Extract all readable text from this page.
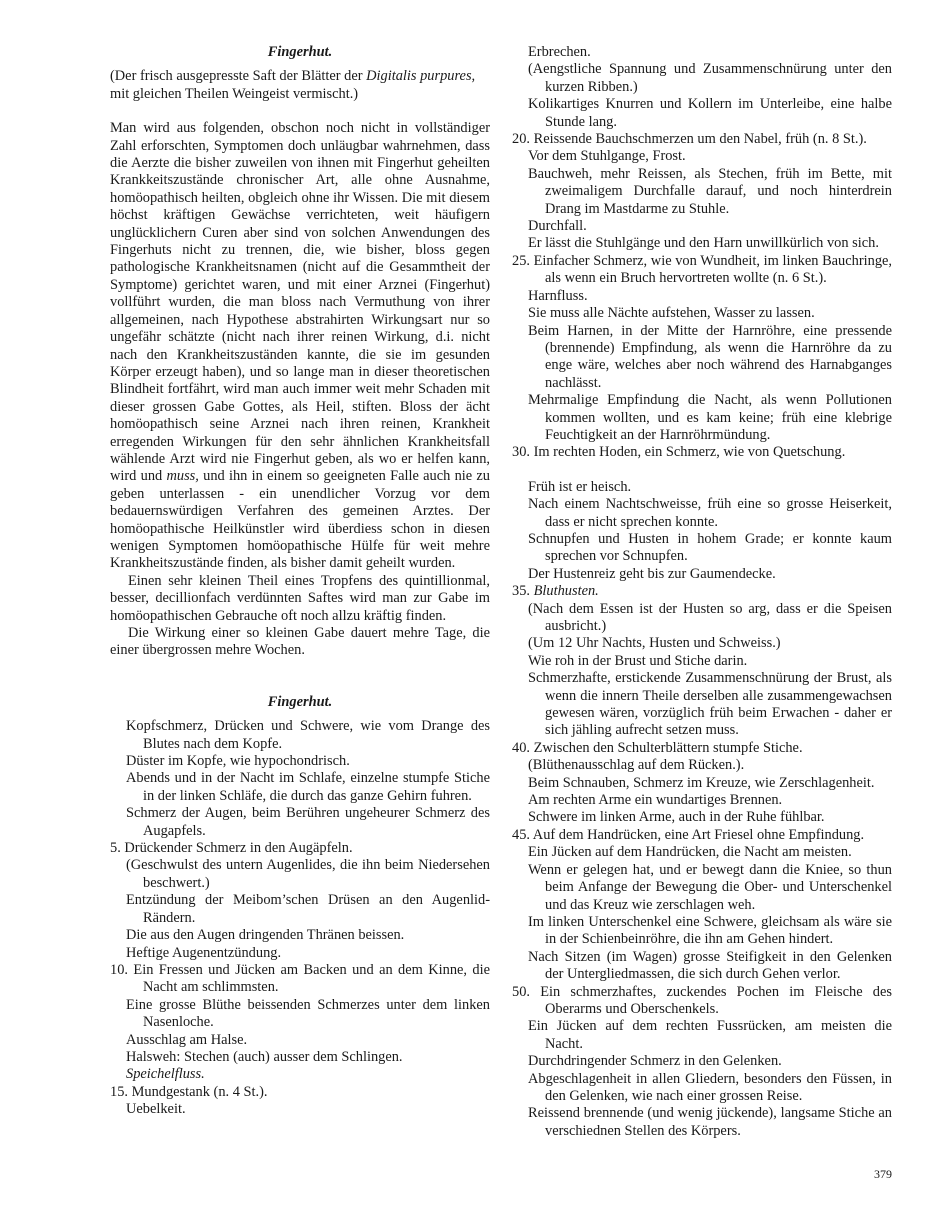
Fingerhut.

(Der frisch ausgepresste Saft der Blätter der Digitalis purpures, mit gleichen Theilen Weingeist vermischt.)

Man wird aus folgenden, obschon noch nicht in vollständiger Zahl erforschten, Symptomen doch unläugbar wahrnehmen, dass die Aerzte die bisher zuweilen von ihnen mit Fingerhut geheilten Krankkeitszustände chronischer Art, alle ohne Ausnahme, homöopathisch heilten, obgleich ohne ihr Wissen. Die mit diesem höchst kräftigen Gewächse verrichteten, weit häufigern unglücklichern Curen aber sind von solchen Anwendungen des Fingerhuts nicht zu trennen, die, wie bisher, bloss gegen pathologische Krankheitsnamen (nicht auf die Gesammtheit der Symptome) gerichtet waren, und mit einer Arznei (Fingerhut) vollführt wurden, die man bloss nach Vermuthung von ihrer allgemeinen, nach Hypothese abstrahirten Wirkungsart nur so ungefähr schätzte (nicht nach ihrer reinen Wirkung, d.i. nicht nach den Krankheitszuständen kannte, die sie im gesunden Körper erzeugt haben), und so lange man in dieser theoretischen Blindheit fortfährt, wird man auch immer weit mehr Schaden mit dieser grossen Gabe Gottes, als Heil, stiften. Bloss der ächt homöopathisch seine Arznei nach ihren reinen, Krankheit erregenden Wirkungen für den sehr ähnlichen Krankheitsfall wählende Arzt wird nie Fingerhut geben, als wo er helfen kann, wird und muss, und ihn in einem so geeigneten Falle auch nie zu geben unterlassen - ein unendlicher Vorzug vor dem bedauernswürdigen Verfahren des gemeinen Arztes. Der homöopathische Heilkünstler wird überdiess schon in diesen wenigen Symptomen homöopathische Hülfe für weit mehre Krankheitszustände finden, als bisher damit geheilt wurden.

Einen sehr kleinen Theil eines Tropfens des quintillionmal, besser, decillionfach verdünnten Saftes wird man zur Gabe im homöopathischen Gebrauche oft noch allzu kräftig finden.

Die Wirkung einer so kleinen Gabe dauert mehre Tage, die einer übergrossen mehre Wochen.

Fingerhut.

Kopfschmerz, Drücken und Schwere, wie vom Drange des Blutes nach dem Kopfe.

Düster im Kopfe, wie hypochondrisch.

Abends und in der Nacht im Schlafe, einzelne stumpfe Stiche in der linken Schläfe, die durch das ganze Gehirn fuhren.

Schmerz der Augen, beim Berühren ungeheurer Schmerz des Augapfels.

5. Drückender Schmerz in den Augäpfeln.

(Geschwulst des untern Augenlides, die ihn beim Niedersehen beschwert.)

Entzündung der Meibom’schen Drüsen an den Augenlid-Rändern.

Die aus den Augen dringenden Thränen beissen.

Heftige Augenentzündung.

10. Ein Fressen und Jücken am Backen und an dem Kinne, die Nacht am schlimmsten.

Eine grosse Blüthe beissenden Schmerzes unter dem linken Nasenloche.

Ausschlag am Halse.

Halsweh: Stechen (auch) ausser dem Schlingen.

Speichelfluss.

15. Mundgestank (n. 4 St.).

Uebelkeit.

Erbrechen.

(Aengstliche Spannung und Zusammenschnürung unter den kurzen Ribben.)

Kolikartiges Knurren und Kollern im Unterleibe, eine halbe Stunde lang.

20. Reissende Bauchschmerzen um den Nabel, früh (n. 8 St.).

Vor dem Stuhlgange, Frost.

Bauchweh, mehr Reissen, als Stechen, früh im Bette, mit zweimaligem Durchfalle darauf, und noch hinterdrein Drang im Mastdarme zu Stuhle.

Durchfall.

Er lässt die Stuhlgänge und den Harn unwillkürlich von sich.

25. Einfacher Schmerz, wie von Wundheit, im linken Bauchringe, als wenn ein Bruch hervortreten wollte (n. 6 St.).

Harnfluss.

Sie muss alle Nächte aufstehen, Wasser zu lassen.

Beim Harnen, in der Mitte der Harnröhre, eine pressende (brennende) Empfindung, als wenn die Harnröhre da zu enge wäre, welches aber noch während des Harnabganges nachlässt.

Mehrmalige Empfindung die Nacht, als wenn Pollutionen kommen wollten, und es kam keine; früh eine klebrige Feuchtigkeit an der Harnröhrmündung.

30. Im rechten Hoden, ein Schmerz, wie von Quetschung.

Früh ist er heisch.

Nach einem Nachtschweisse, früh eine so grosse Heiserkeit, dass er nicht sprechen konnte.

Schnupfen und Husten in hohem Grade; er konnte kaum sprechen vor Schnupfen.

Der Hustenreiz geht bis zur Gaumendecke.

35. Bluthusten.

(Nach dem Essen ist der Husten so arg, dass er die Speisen ausbricht.)

(Um 12 Uhr Nachts, Husten und Schweiss.)

Wie roh in der Brust und Stiche darin.

Schmerzhafte, erstickende Zusammenschnürung der Brust, als wenn die innern Theile derselben alle zusammengewachsen gewesen wären, vorzüglich früh beim Erwachen - daher er sich jähling aufrecht setzen muss.

40. Zwischen den Schulterblättern stumpfe Stiche.

(Blüthenausschlag auf dem Rücken.).

Beim Schnauben, Schmerz im Kreuze, wie Zerschlagenheit.

Am rechten Arme ein wundartiges Brennen.

Schwere im linken Arme, auch in der Ruhe fühlbar.

45. Auf dem Handrücken, eine Art Friesel ohne Empfindung.

Ein Jücken auf dem Handrücken, die Nacht am meisten.

Wenn er gelegen hat, und er bewegt dann die Kniee, so thun beim Anfange der Bewegung die Ober- und Unterschenkel und das Kreuz wie zerschlagen weh.

Im linken Unterschenkel eine Schwere, gleichsam als wäre sie in der Schienbeinröhre, die ihn am Gehen hindert.

Nach Sitzen (im Wagen) grosse Steifigkeit in den Gelenken der Untergliedmassen, die sich durch Gehen verlor.

50. Ein schmerzhaftes, zuckendes Pochen im Fleische des Oberarms und Oberschenkels.

Ein Jücken auf dem rechten Fussrücken, am meisten die Nacht.

Durchdringender Schmerz in den Gelenken.

Abgeschlagenheit in allen Gliedern, besonders den Füssen, in den Gelenken, wie nach einer grossen Reise.

Reissend brennende (und wenig jückende), langsame Stiche an verschiednen Stellen des Körpers.

379
